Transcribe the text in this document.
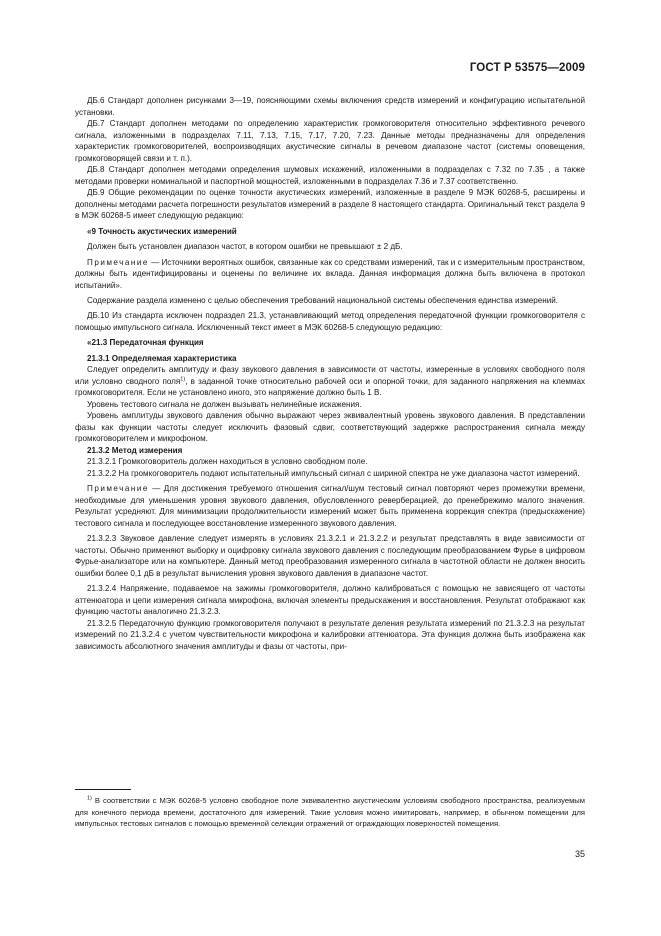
ГОСТ Р 53575—2009

ДБ.6 Стандарт дополнен рисунками 3—19, поясняющими схемы включения средств измерений и конфигурацию испытательной установки.

ДБ.7 Стандарт дополнен методами по определению характеристик громкоговорителя относительно эффективного речевого сигнала, изложенными в подразделах 7.11, 7.13, 7.15, 7.17, 7.20, 7.23. Данные методы предназначены для определения характеристик громкоговорителей, воспроизводящих акустические сигналы в речевом диапазоне частот (системы оповещения, громкоговорящей связи и т. п.).

ДБ.8 Стандарт дополнен методами определения шумовых искажений, изложенными в подразделах с 7.32 по 7.35 , а также методами проверки номинальной и паспортной мощностей, изложенными в подразделах 7.36 и 7.37 соответственно.

ДБ.9 Общие рекомендации по оценке точности акустических измерений, изложенные в разделе 9 МЭК 60268-5, расширены и дополнены методами расчета погрешности результатов измерений в разделе 8 настоящего стандарта. Оригинальный текст раздела 9 в МЭК 60268-5 имеет следующую редакцию:

«9 Точность акустических измерений

Должен быть установлен диапазон частот, в котором ошибки не превышают ± 2 дБ.

Примечание — Источники вероятных ошибок, связанные как со средствами измерений, так и с измерительным пространством, должны быть идентифицированы и оценены по величине их вклада. Данная информация должна быть включена в протокол испытаний».

Содержание раздела изменено с целью обеспечения требований национальной системы обеспечения единства измерений.

ДБ.10 Из стандарта исключен подраздел 21.3, устанавливающий метод определения передаточной функции громкоговорителя с помощью импульсного сигнала. Исключенный текст имеет в МЭК 60268-5 следующую редакцию:

«21.3 Передаточная функция

21.3.1 Определяемая характеристика

Следует определить амплитуду и фазу звукового давления в зависимости от частоты, измеренные в условиях свободного поля или условно сводного поля$^{1)}$, в заданной точке относительно рабочей оси и опорной точки, для заданного напряжения на клеммах громкоговорителя. Если не установлено иного, это напряжение должно быть 1 В.

Уровень тестового сигнала не должен вызывать нелинейные искажения.

Уровень амплитуды звукового давления обычно выражают через эквивалентный уровень звукового давления. В представлении фазы как функции частоты следует исключить фазовый сдвиг, соответствующий задержке распространения сигнала между громкоговорителем и микрофоном.

21.3.2 Метод измерения

21.3.2.1 Громкоговоритель должен находиться в условно свободном поле.

21.3.2.2 На громкоговоритель подают испытательный импульсный сигнал с шириной спектра не уже диапазона частот измерений.

Примечание — Для достижения требуемого отношения сигнал/шум тестовый сигнал повторяют через промежутки времени, необходимые для уменьшения уровня звукового давления, обусловленного реверберацией, до пренебрежимо малого значения. Результат усредняют. Для минимизации продолжительности измерений может быть применена коррекция спектра (предыскажение) тестового сигнала и последующее восстановление измеренного звукового давления.

21.3.2.3 Звуковое давление следует измерять в условиях 21.3.2.1 и 21.3.2.2 и результат представлять в виде зависимости от частоты. Обычно применяют выборку и оцифровку сигнала звукового давления с последующим преобразованием Фурье в цифровом Фурье-анализаторе или на компьютере. Данный метод преобразования измеренного сигнала в частотной области не должен вносить ошибки более 0,1 дБ в результат вычисления уровня звукового давления в диапазоне частот.

21.3.2.4 Напряжение, подаваемое на зажимы громкоговорителя, должно калиброваться с помощью не зависящего от частоты аттенюатора и цепи измерения сигнала микрофона, включая элементы предыскажения и восстановления. Результат отображают как функцию частоты аналогично 21.3.2.3.

21.3.2.5 Передаточную функцию громкоговорителя получают в результате деления результата измерений по 21.3.2.3 на результат измерений по 21.3.2.4 с учетом чувствительности микрофона и калибровки аттенюатора. Эта функция должна быть изображена как зависимость абсолютного значения амплитуды и фазы от частоты, при-

$^{1)}$ В соответствии с МЭК 60268-5 условно свободное поле эквивалентно акустическим условиям свободного пространства, реализуемым для конечного периода времени, достаточного для измерений. Такие условия можно имитировать, например, в обычном помещении для импульсных тестовых сигналов с помощью временной селекции отражений от ограждающих поверхностей помещения.

35
